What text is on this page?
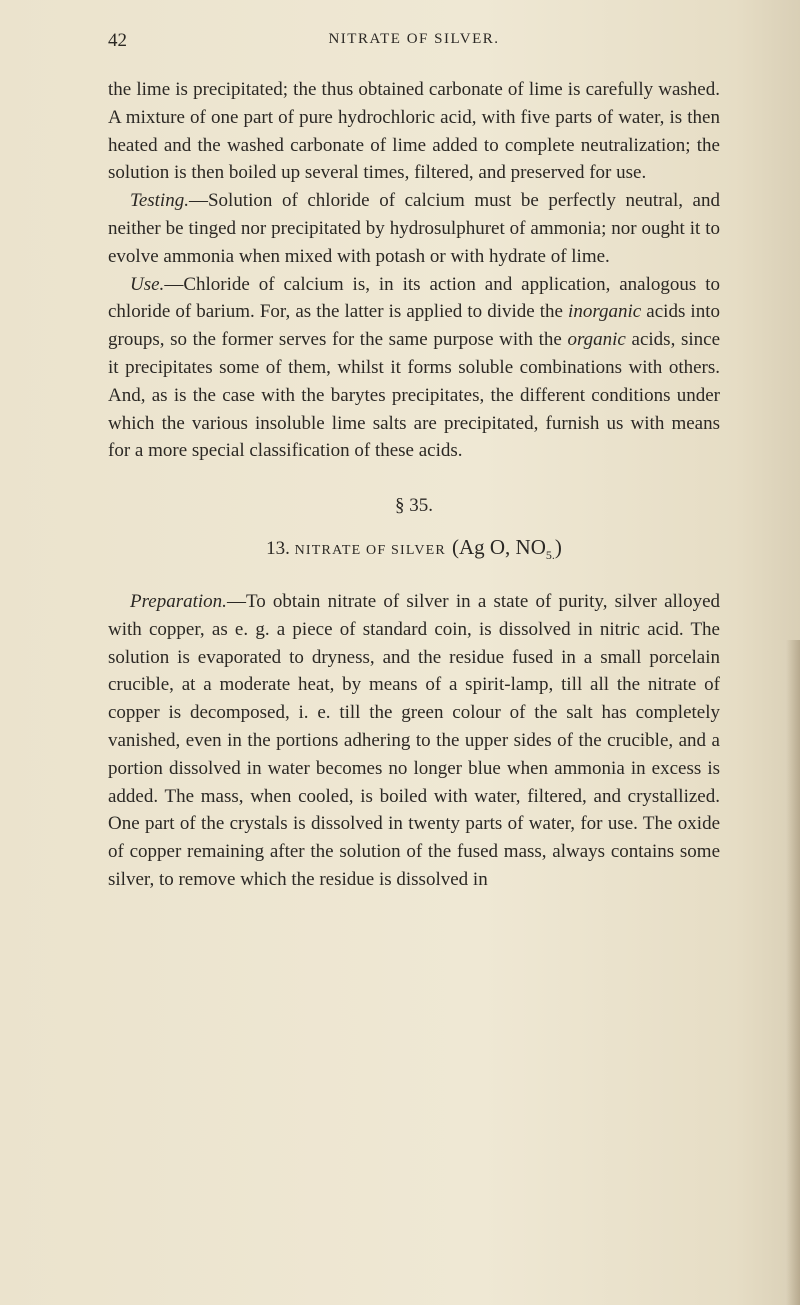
42	NITRATE OF SILVER.

the lime is precipitated; the thus obtained carbonate of lime is carefully washed. A mixture of one part of pure hydrochloric acid, with five parts of water, is then heated and the washed carbonate of lime added to complete neutralization; the solution is then boiled up several times, filtered, and preserved for use.

Testing.—Solution of chloride of calcium must be perfectly neutral, and neither be tinged nor precipitated by hydrosulphuret of ammonia; nor ought it to evolve ammonia when mixed with potash or with hydrate of lime.

Use.—Chloride of calcium is, in its action and application, analogous to chloride of barium. For, as the latter is applied to divide the inorganic acids into groups, so the former serves for the same purpose with the organic acids, since it precipitates some of them, whilst it forms soluble combinations with others. And, as is the case with the barytes precipitates, the different conditions under which the various insoluble lime salts are precipitated, furnish us with means for a more special classification of these acids.

§ 35.
13. NITRATE OF SILVER (Ag O, $NO_{5.}$)

Preparation.—To obtain nitrate of silver in a state of purity, silver alloyed with copper, as e. g. a piece of standard coin, is dissolved in nitric acid. The solution is evaporated to dryness, and the residue fused in a small porcelain crucible, at a moderate heat, by means of a spirit-lamp, till all the nitrate of copper is decomposed, i. e. till the green colour of the salt has completely vanished, even in the portions adhering to the upper sides of the crucible, and a portion dissolved in water becomes no longer blue when ammonia in excess is added. The mass, when cooled, is boiled with water, filtered, and crystallized. One part of the crystals is dissolved in twenty parts of water, for use. The oxide of copper remaining after the solution of the fused mass, always contains some silver, to remove which the residue is dissolved in
